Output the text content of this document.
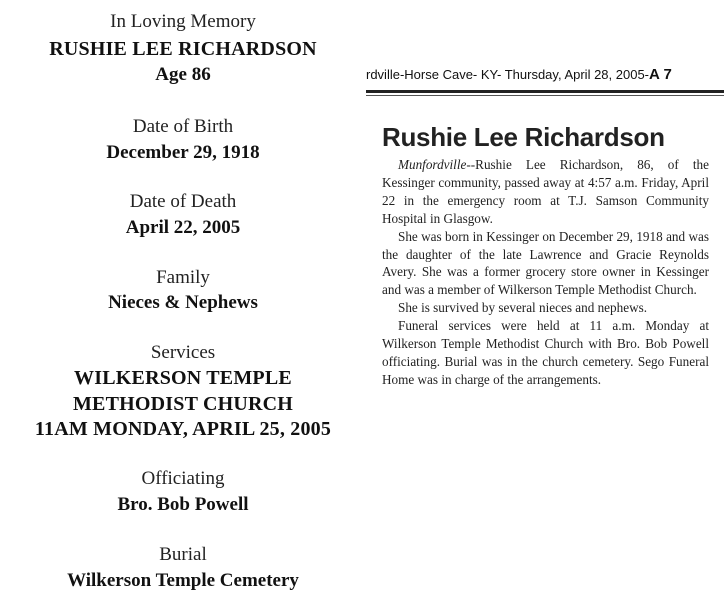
In Loving Memory
RUSHIE LEE RICHARDSON
Age 86
Date of Birth
December 29, 1918
Date of Death
April 22, 2005
Family
Nieces & Nephews
Services
WILKERSON TEMPLE
METHODIST CHURCH
11AM MONDAY, APRIL 25, 2005
Officiating
Bro. Bob Powell
Burial
Wilkerson Temple Cemetery
rdville-Horse Cave- KY- Thursday, April 28, 2005-A 7
Rushie Lee Richardson

Munfordville--Rushie Lee Richardson, 86, of the Kessinger community, passed away at 4:57 a.m. Friday, April 22 in the emergency room at T.J. Samson Community Hospital in Glasgow.

She was born in Kessinger on December 29, 1918 and was the daughter of the late Lawrence and Gracie Reynolds Avery. She was a former grocery store owner in Kessinger and was a member of Wilkerson Temple Methodist Church.

She is survived by several nieces and nephews.

Funeral services were held at 11 a.m. Monday at Wilkerson Temple Methodist Church with Bro. Bob Powell officiating. Burial was in the church cemetery. Sego Funeral Home was in charge of the arrangements.
